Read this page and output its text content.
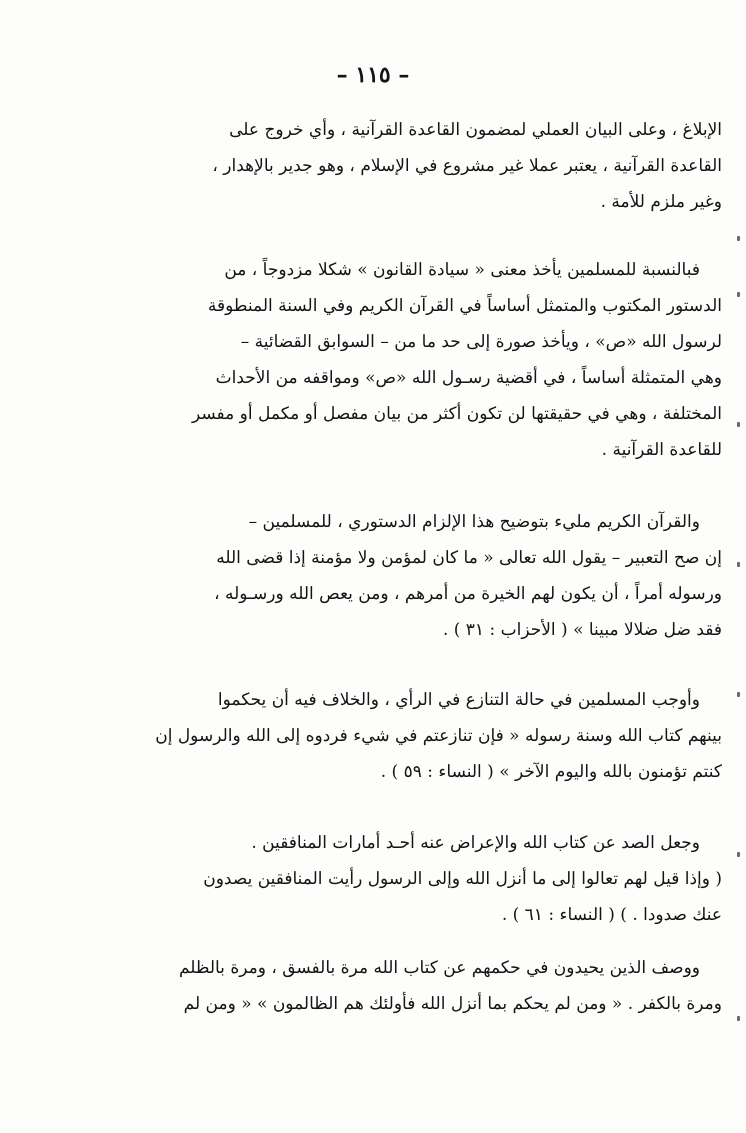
– ١١٥ –
الإبلاغ ، وعلى البيان العملي لمضمون القاعدة القرآنية ، وأي خروج على
القاعدة القرآنية ، يعتبر عملا غير مشروع في الإسلام ، وهو جدير بالإهدار ،
وغير ملزم للأمة .
فبالنسبة للمسلمين يأخذ معنى « سيادة القانون » شكلا مزدوجاً ، من
الدستور المكتوب والمتمثل أساساً في القرآن الكريم وفي السنة المنطوقة
لرسول الله «ص» ، ويأخذ صورة إلى حد ما من – السوابق القضائية –
وهي المتمثلة أساساً ، في أقضية رسـول الله «ص» ومواقفه من الأحداث
المختلفة ، وهي في حقيقتها لن تكون أكثر من بيان مفصل أو مكمل أو مفسر
للقاعدة القرآنية .
والقرآن الكريم مليء بتوضيح هذا الإلزام الدستوري ، للمسلمين –
إن صح التعبير – يقول الله تعالى « ما كان لمؤمن ولا مؤمنة إذا قضى الله
ورسوله أمراً ، أن يكون لهم الخيرة من أمرهم ، ومن يعص الله ورسـوله ،
فقد ضل ضلالا مبينا » ( الأحزاب : ٣١ ) .
وأوجب المسلمين في حالة التنازع في الرأي ، والخلاف فيه أن يحكموا
بينهم كتاب الله وسنة رسوله « فإن تنازعتم في شيء فردوه إلى الله والرسول إن
كنتم تؤمنون بالله واليوم الآخر » ( النساء : ٥٩ ) .
وجعل الصد عن كتاب الله والإعراض عنه أحـد أمارات المنافقين .
( وإذا قيل لهم تعالوا إلى ما أنزل الله وإلى الرسول رأيت المنافقين يصدون
عنك صدودا . ) ( النساء : ٦١ ) .
ووصف الذين يحيدون في حكمهم عن كتاب الله مرة بالفسق ، ومرة بالظلم
ومرة بالكفر . « ومن لم يحكم بما أنزل الله فأولئك هم الظالمون » « ومن لم
